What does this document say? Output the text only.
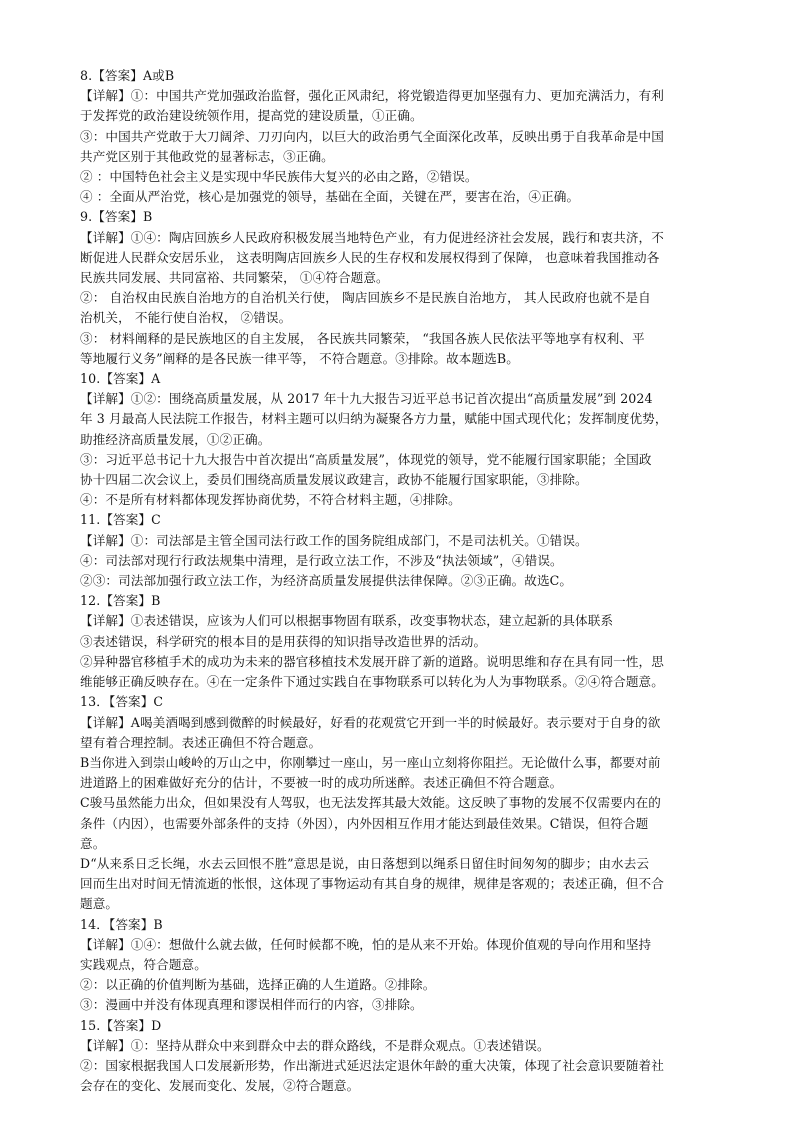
8.【答案】A或B
【详解】①：中国共产党加强政治监督，强化正风肃纪，将党锻造得更加坚强有力、更加充满活力，有利
于发挥党的政治建设统领作用，提高党的建设质量，①正确。
③：中国共产党敢于大刀阔斧、刀刃向内，以巨大的政治勇气全面深化改革，反映出勇于自我革命是中国
共产党区别于其他政党的显著标志，③正确。
② ：中国特色社会主义是实现中华民族伟大复兴的必由之路，②错误。
④ ：全面从严治党，核心是加强党的领导，基础在全面，关键在严，要害在治，④正确。
9.【答案】B
【详解】①④：陶店回族乡人民政府积极发展当地特色产业，有力促进经济社会发展，践行和衷共济，不
断促进人民群众安居乐业， 这表明陶店回族乡人民的生存权和发展权得到了保障， 也意味着我国推动各
民族共同发展、共同富裕、共同繁荣， ①④符合题意。
②： 自治权由民族自治地方的自治机关行使， 陶店回族乡不是民族自治地方， 其人民政府也就不是自
治机关， 不能行使自治权， ②错误。
③： 材料阐释的是民族地区的自主发展， 各民族共同繁荣， “我国各族人民依法平等地享有权利、平
等地履行义务”阐释的是各民族一律平等， 不符合题意。③排除。故本题选B。
10.【答案】A
【详解】①②：围绕高质量发展，从 2017 年十九大报告习近平总书记首次提出“高质量发展”到 2024
年 3 月最高人民法院工作报告，材料主题可以归纳为凝聚各方力量，赋能中国式现代化；发挥制度优势，
助推经济高质量发展，①②正确。
③：习近平总书记十九大报告中首次提出“高质量发展”，体现党的领导，党不能履行国家职能；全国政
协十四届二次会议上，委员们围绕高质量发展议政建言，政协不能履行国家职能，③排除。
④：不是所有材料都体现发挥协商优势，不符合材料主题，④排除。
11.【答案】C
【详解】①：司法部是主管全国司法行政工作的国务院组成部门，不是司法机关。①错误。
④：司法部对现行行政法规集中清理，是行政立法工作，不涉及“执法领域”，④错误。
②③：司法部加强行政立法工作，为经济高质量发展提供法律保障。②③正确。故选C。
12.【答案】B
【详解】①表述错误，应该为人们可以根据事物固有联系，改变事物状态，建立起新的具体联系
③表述错误，科学研究的根本目的是用获得的知识指导改造世界的活动。
②异种器官移植手术的成功为未来的器官移植技术发展开辟了新的道路。说明思维和存在具有同一性，思
维能够正确反映存在。④在一定条件下通过实践自在事物联系可以转化为人为事物联系。②④符合题意。
13．【答案】C
【详解】A喝美酒喝到感到微醉的时候最好，好看的花观赏它开到一半的时候最好。表示要对于自身的欲
望有着合理控制。表述正确但不符合题意。
B当你进入到崇山峻岭的万山之中，你刚攀过一座山，另一座山立刻将你阻拦。无论做什么事，都要对前
进道路上的困难做好充分的估计，不要被一时的成功所迷醉。表述正确但不符合题意。
C骏马虽然能力出众，但如果没有人驾驭，也无法发挥其最大效能。这反映了事物的发展不仅需要内在的
条件（内因），也需要外部条件的支持（外因），内外因相互作用才能达到最佳效果。C错误，但符合题
意。
D“从来系日乏长绳，水去云回恨不胜”意思是说，由日落想到以绳系日留住时间匆匆的脚步；由水去云
回而生出对时间无情流逝的怅恨，这体现了事物运动有其自身的规律，规律是客观的；表述正确，但不合
题意。
14．【答案】B
【详解】①④：想做什么就去做，任何时候都不晚，怕的是从来不开始。体现价值观的导向作用和坚持
实践观点，符合题意。
②：以正确的价值判断为基础，选择正确的人生道路。②排除。
③：漫画中并没有体现真理和谬误相伴而行的内容，③排除。
15.【答案】D
【详解】①：坚持从群众中来到群众中去的群众路线，不是群众观点。①表述错误。
②：国家根据我国人口发展新形势，作出渐进式延迟法定退休年龄的重大决策，体现了社会意识要随着社
会存在的变化、发展而变化、发展，②符合题意。
